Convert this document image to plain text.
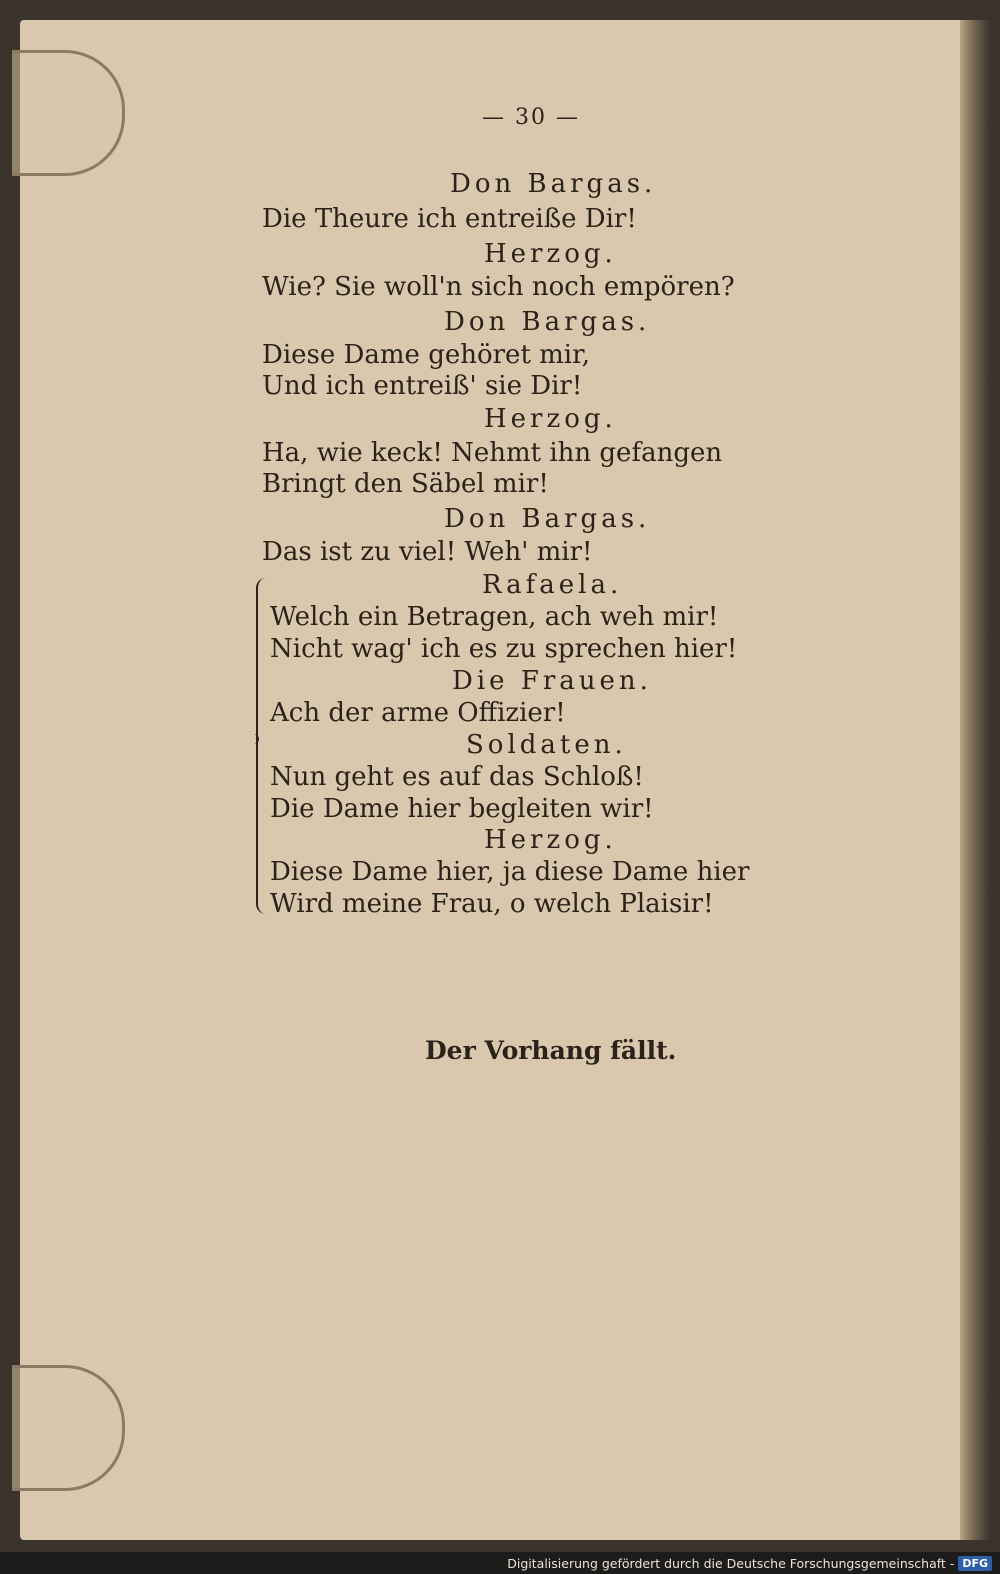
— 30 —
Don Bargas.
Die Theure ich entreiße Dir!
Herzog.
Wie? Sie woll'n sich noch empören?
Don Bargas.
Diese Dame gehöret mir,
Und ich entreiß' sie Dir!
Herzog.
Ha, wie keck! Nehmt ihn gefangen
Bringt den Säbel mir!
Don Bargas.
Das ist zu viel! Weh' mir!
Rafaela.
Welch ein Betragen, ach weh mir!
Nicht wag' ich es zu sprechen hier!
Die Frauen.
Ach der arme Offizier!
Soldaten.
Nun geht es auf das Schloß!
Die Dame hier begleiten wir!
Herzog.
Diese Dame hier, ja diese Dame hier
Wird meine Frau, o welch Plaisir!
Der Vorhang fällt.
Digitalisierung gefördert durch die Deutsche Forschungsgemeinschaft - DFG
